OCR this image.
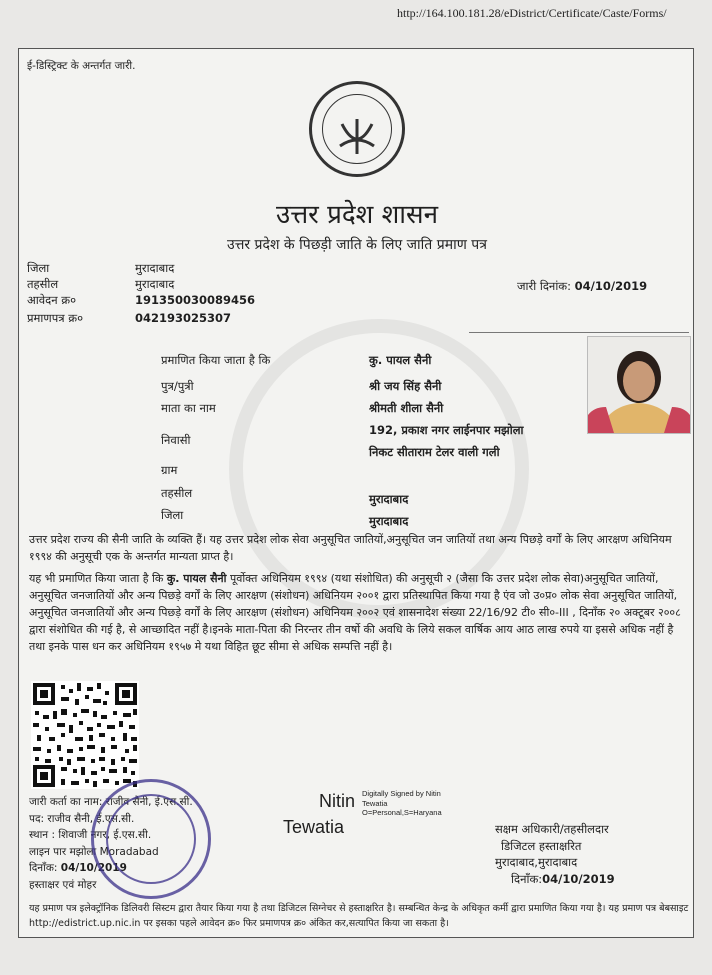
http://164.100.181.28/eDistrict/Certificate/Caste/Forms/
ई-डिस्ट्रिक्ट के अन्तर्गत जारी.
उत्तर प्रदेश शासन
उत्तर प्रदेश के पिछड़ी जाति के लिए जाति प्रमाण पत्र
जिला	मुरादाबाद
तहसील	मुरादाबाद
आवेदन क्र०	191350030089456
प्रमाणपत्र क्र०	042193025307
जारी दिनांक: 04/10/2019
प्रमाणित किया जाता है कि	कु. पायल सैनी
पुत्र/पुत्री	श्री जय सिंह सैनी
माता का नाम	श्रीमती शीला सैनी
निवासी
192, प्रकाश नगर लाईनपार मझोला
निकट सीताराम टेलर वाली गली
ग्राम
तहसील	मुरादाबाद
जिला	मुरादाबाद
उत्तर प्रदेश राज्य की सैनी जाति के व्यक्ति हैं। यह उत्तर प्रदेश लोक सेवा अनुसूचित जातियों,अनुसूचित जन जातियों तथा अन्य पिछड़े वर्गों के लिए आरक्षण अधिनियम १९९४ की अनुसूची एक के अन्तर्गत मान्यता प्राप्त है।
यह भी प्रमाणित किया जाता है कि कु. पायल सैनी पूर्वोक्त अधिनियम १९९४ (यथा संशोधित) की अनुसूची २ (जैसा कि उत्तर प्रदेश लोक सेवा)अनुसूचित जातियों, अनुसूचित जनजातियों और अन्य पिछड़े वर्गों के लिए आरक्षण (संशोधन) अधिनियम २००१ द्वारा प्रतिस्थापित किया गया है एंव जो उ०प्र० लोक सेवा अनुसूचित जातियों, अनुसूचित जनजातियों और अन्य पिछड़े वर्गों के लिए आरक्षण (संशोधन) अधिनियम २००२ एवं शासनादेश संख्या 22/16/92 टी० सी०-III , दिनाँक २० अक्टूबर २००८ द्वारा संशोधित की गई है, से आच्छादित नहीं है।इनके माता-पिता की निरन्तर तीन वर्षो की अवधि के लिये सकल वार्षिक आय आठ लाख रुपये या इससे अधिक नहीं है तथा इनके पास धन कर अधिनियम १९५७ मे यथा विहित छूट सीमा से अधिक सम्पत्ति नहीं है।
जारी कर्ता का नाम: राजीव सैनी, ई.एस.सी.
पद: राजीव सैनी, ई.एस.सी.
स्थान : शिवाजी नगर, ई.एस.सी.
लाइन पार मझोला Moradabad
दिनाँक: 04/10/2019
हस्ताक्षर एवं मोहर
Nitin Digitally Signed by Nitin
Tewatia
O=Personal,S=Haryana
Tewatia	सक्षम अधिकारी/तहसीलदार
डिजिटल हस्ताक्षरित
मुरादाबाद,मुरादाबाद
दिनाँक:04/10/2019
यह प्रमाण पत्र इलेक्ट्रॉनिक डिलिवरी सिस्टम द्वारा तैयार किया गया है तथा डिजिटल सिग्नेचर से हस्ताक्षरित है। सम्बन्धित केन्द्र के अधिकृत कर्मी द्वारा प्रमाणित किया गया है। यह प्रमाण पत्र बेबसाइट http://edistrict.up.nic.in पर इसका पहले आवेदन क्र० फिर प्रमाणपत्र क्र० अंकित कर,सत्यापित किया जा सकता है।
